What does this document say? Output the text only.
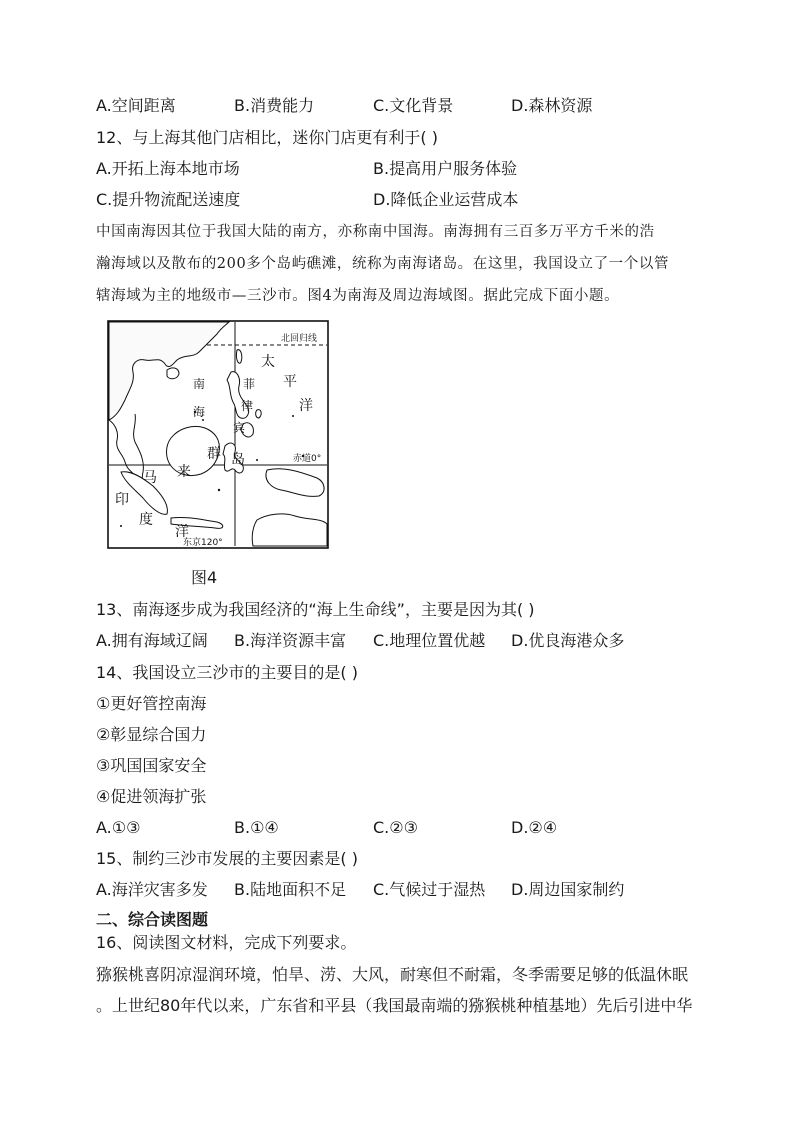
A.空间距离	B.消费能力	C.文化背景	D.森林资源
12、与上海其他门店相比，迷你门店更有利于( )
A.开拓上海本地市场	B.提高用户服务体验
C.提升物流配送速度	D.降低企业运营成本
中国南海因其位于我国大陆的南方，亦称南中国海。南海拥有三百多万平方千米的浩
瀚海域以及散布的200多个岛屿礁滩，统称为南海诸岛。在这里，我国设立了一个以管
辖海域为主的地级市—三沙市。图4为南海及周边海域图。据此完成下面小题。
北回归线
南
海
太
平
洋
菲
律
宾
赤道0°
马 来
群 岛
印
度
洋
东京120°
图4
13、南海逐步成为我国经济的“海上生命线”，主要是因为其( )
A.拥有海域辽阔 B.海洋资源丰富 C.地理位置优越 D.优良海港众多
14、我国设立三沙市的主要目的是( )
①更好管控南海
②彰显综合国力
③巩国国家安全
④促进领海扩张
A.①③	B.①④	C.②③	D.②④
15、制约三沙市发展的主要因素是( )
A.海洋灾害多发 B.陆地面积不足 C.气候过于湿热 D.周边国家制约
二、综合读图题
16、阅读图文材料，完成下列要求。
猕猴桃喜阴凉湿润环境，怕旱、涝、大风，耐寒但不耐霜，冬季需要足够的低温休眠
。上世纪80年代以来，广东省和平县（我国最南端的猕猴桃种植基地）先后引进中华
